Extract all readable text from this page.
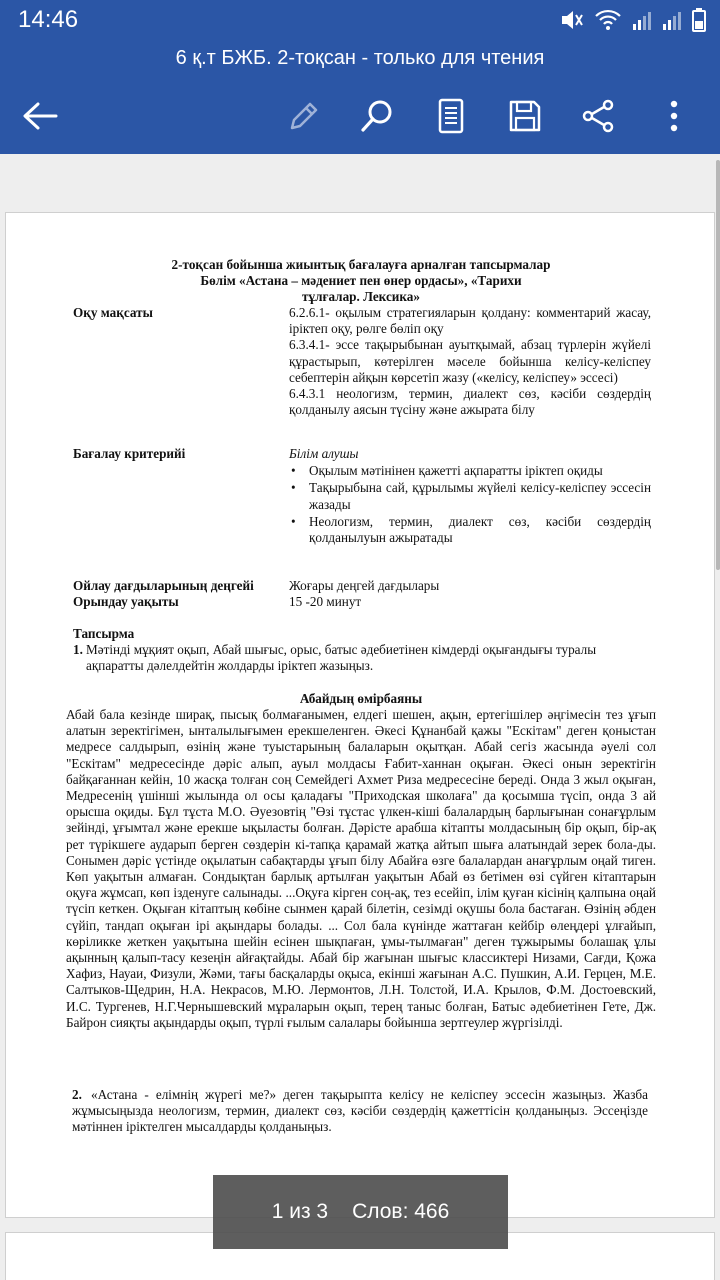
14:46
6 қ.т БЖБ. 2-тоқсан - только для чтения
2-тоқсан бойынша жиынтық бағалауға арналған тапсырмалар
Бөлім «Астана – мәдениет пен өнер ордасы», «Тарихи
тұлғалар. Лексика»
Оқу мақсаты	6.2.6.1- оқылым стратегияларын қолдану: комментарий жасау, іріктеп оқу, рөлге бөліп оқу

6.3.4.1- эссе тақырыбынан ауытқымай, абзац түрлерін жүйелі құрастырып, көтерілген мәселе бойынша келісу-келіспеу себептерін айқын көрсетіп жазу («келісу, келіспеу» эссесі)

6.4.3.1 неологизм, термин, диалект сөз, кәсіби сөздердің қолданылу аясын түсіну және ажырата білу

Бағалау критерийі	Білім алушы

• Оқылым мәтінінен қажетті ақпаратты іріктеп оқиды
• Тақырыбына сай, құрылымы жүйелі келісу-келіспеу эссесін жазады
• Неологизм, термин, диалект сөз, кәсіби сөздердің қолданылуын ажыратады
Ойлау дағдыларының деңгейі	Жоғары деңгей дағдылары
Орындау уақыты	15 -20 минут
Тапсырма
1. Мәтінді мұқият оқып, Абай шығыс, орыс, батыс әдебиетінен кімдерді оқығандығы туралы ақпаратты дәлелдейтін жолдарды іріктеп жазыңыз.
Абайдың өмірбаяны
Абай бала кезінде ширақ, пысық болмағанымен, елдегі шешен, ақын, ертегішілер әңгімесін тез ұғып алатын зеректігімен, ынталылығымен ерекшеленген. Әкесі Құнанбай қажы "Ескітам" деген қоныстан медресе салдырып, өзінің және туыстарының балаларын оқытқан. Абай сегіз жасында әуелі сол "Ескітам" медресесінде дәріс алып, ауыл молдасы Ғабит-ханнан оқыған. Әкесі онын зеректігін байқағаннан кейін, 10 жасқа толған соң Семейдегі Ахмет Риза медресесіне береді. Онда 3 жыл оқыған, Медресенің үшінші жылында ол осы қаладағы "Приходская школаға" да қосымша түсіп, онда 3 ай орысша оқиды. Бұл тұста М.О. Әуезовтің "Өзі тұстас үлкен-кіші балалардың барлығынан сонағұрлым зейінді, ұғымтал және ерекше ықыласты болған. Дәрісте арабша кітапты молдасының бір оқып, бір-ақ рет түрікшеге аударып берген сөздерін кі-тапқа қарамай жатқа айтып шыға алатындай зерек бола-ды. Сонымен дәріс үстінде оқылатын сабақтарды ұғып білу Абайға өзге балалардан анағұрлым оңай тиген. Көп уақытын алмаған. Сондықтан барлық артылған уақытын Абай өз бетімен өзі сүйген кітаптарын оқуға жұмсап, көп ізденуге салынады. ...Оқуға кірген соң-ақ, тез есейіп, ілім қуған кісінің қалпына оңай түсіп кеткен. Оқыған кітаптың көбіне сынмен қарай білетін, сезімді оқушы бола бастаған. Өзінің әбден сүйіп, тандап оқыған ірі ақындары болады. ... Сол бала күнінде жаттаған кейбір өлеңдері ұлғайып, көріликке жеткен уақытына шейін есінен шықпаған, ұмы-тылмаған" деген тұжырымы болашақ ұлы ақынның қалып-тасу кезеңін айғақтайды. Абай бір жағынан шығыс классиктері Низами, Сағди, Қожа Хафиз, Науаи, Физули, Жәми, тағы басқаларды оқыса, екінші жағынан А.С. Пушкин, А.И. Герцен, М.Е. Салтыков-Щедрин, Н.А. Некрасов, М.Ю. Лермонтов, Л.Н. Толстой, И.А. Крылов, Ф.М. Достоевский, И.С. Тургенев, Н.Г.Чернышевский мұраларын оқып, терең таныс болған, Батыс әдебиетінен Гете, Дж. Байрон сияқты ақындарды оқып, түрлі ғылым салалары бойынша зертгеулер жүргізілді.
2. «Астана - елімнің жүрегі ме?» деген тақырыпта келісу не келіспеу эссесін жазыңыз. Жазба жұмысыңызда неологизм, термин, диалект сөз, кәсіби сөздердің қажеттісін қолданыңыз. Эссеңізде мәтіннен іріктелген мысалдарды қолданыңыз.
1 из 3 Слов: 466
